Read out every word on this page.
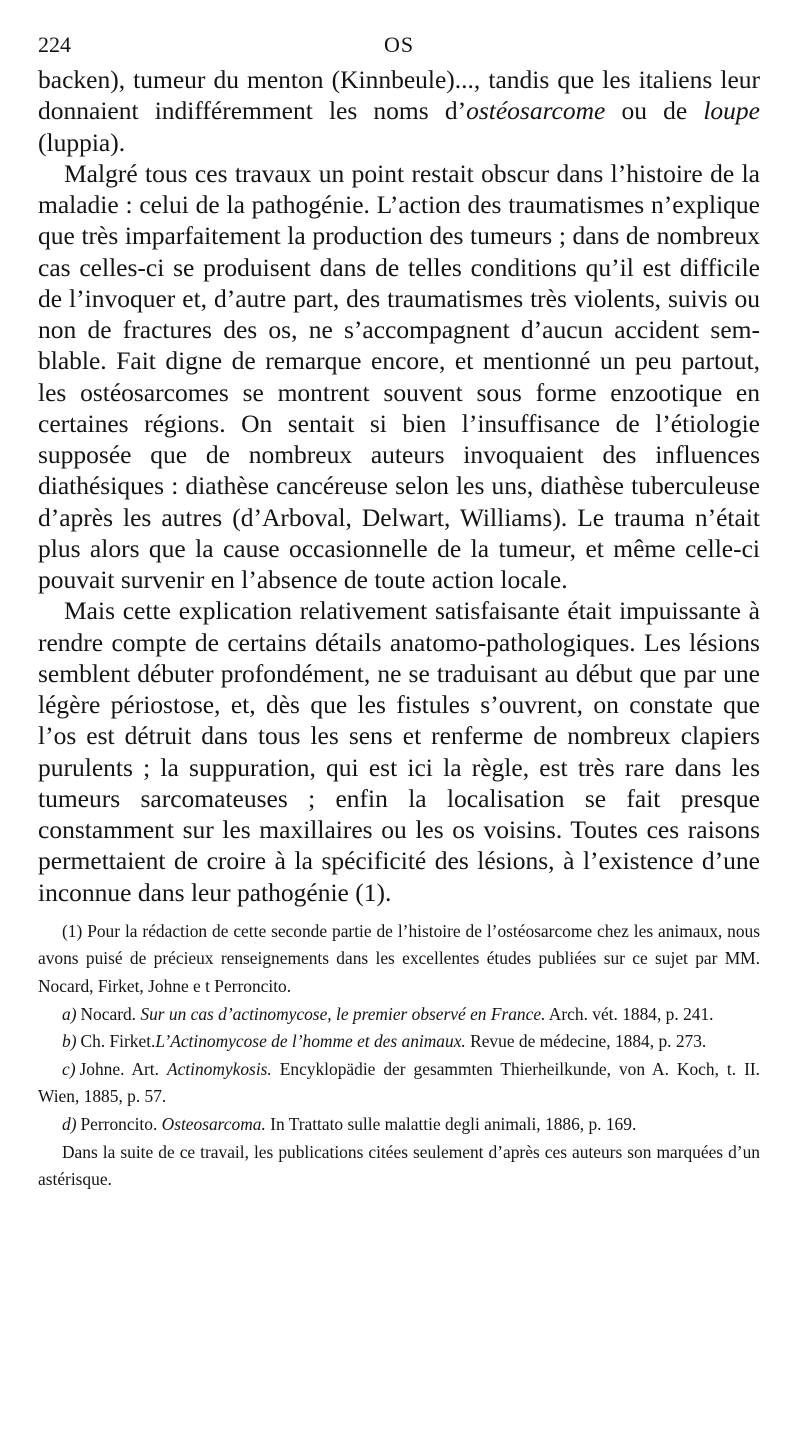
224	OS

backen), tumeur du menton (Kinnbeule)..., tandis que les italiens leur donnaient indifféremment les noms d’ostéosarcome ou de loupe (luppia).

Malgré tous ces travaux un point restait obscur dans l’histoire de la maladie : celui de la pathogénie. L’action des traumatismes n’explique que très imparfaitement la production des tumeurs ; dans de nombreux cas celles-ci se produisent dans de telles conditions qu’il est difficile de l’invoquer et, d’autre part, des traumatismes très violents, suivis ou non de fractures des os, ne s’accompagnent d’aucun accident semblable. Fait digne de remarque encore, et mentionné un peu partout, les ostéosarcomes se montrent souvent sous forme enzootique en certaines régions. On sentait si bien l’insuffisance de l’étiologie supposée que de nombreux auteurs invoquaient des influences diathésiques : diathèse cancéreuse selon les uns, diathèse tuberculeuse d’après les autres (d’Arboval, Delwart, Williams). Le trauma n’était plus alors que la cause occasionnelle de la tumeur, et même celle-ci pouvait survenir en l’absence de toute action locale.

Mais cette explication relativement satisfaisante était impuissante à rendre compte de certains détails anatomo-pathologiques. Les lésions semblent débuter profondément, ne se traduisant au début que par une légère périostose, et, dès que les fistules s’ouvrent, on constate que l’os est détruit dans tous les sens et renferme de nombreux clapiers purulents ; la suppuration, qui est ici la règle, est très rare dans les tumeurs sarcomateuses ; enfin la localisation se fait presque constamment sur les maxillaires ou les os voisins. Toutes ces raisons permettaient de croire à la spécificité des lésions, à l’existence d’une inconnue dans leur pathogénie (1).

(1) Pour la rédaction de cette seconde partie de l’histoire de l’ostéosarcome chez les animaux, nous avons puisé de précieux renseignements dans les excellentes études publiées sur ce sujet par MM. Nocard, Firket, Johne e t Perroncito.

a) Nocard. Sur un cas d’actinomycose, le premier observé en France. Arch. vét. 1884, p. 241.

b) Ch. Firket.L’Actinomycose de l’homme et des animaux. Revue de médecine, 1884, p. 273.

c) Johne. Art. Actinomykosis. Encyklopädie der gesammten Thierheilkunde, von A. Koch, t. II. Wien, 1885, p. 57.

d) Perroncito. Osteosarcoma. In Trattato sulle malattie degli animali, 1886, p. 169.

Dans la suite de ce travail, les publications citées seulement d’après ces auteurs son marquées d’un astérisque.
